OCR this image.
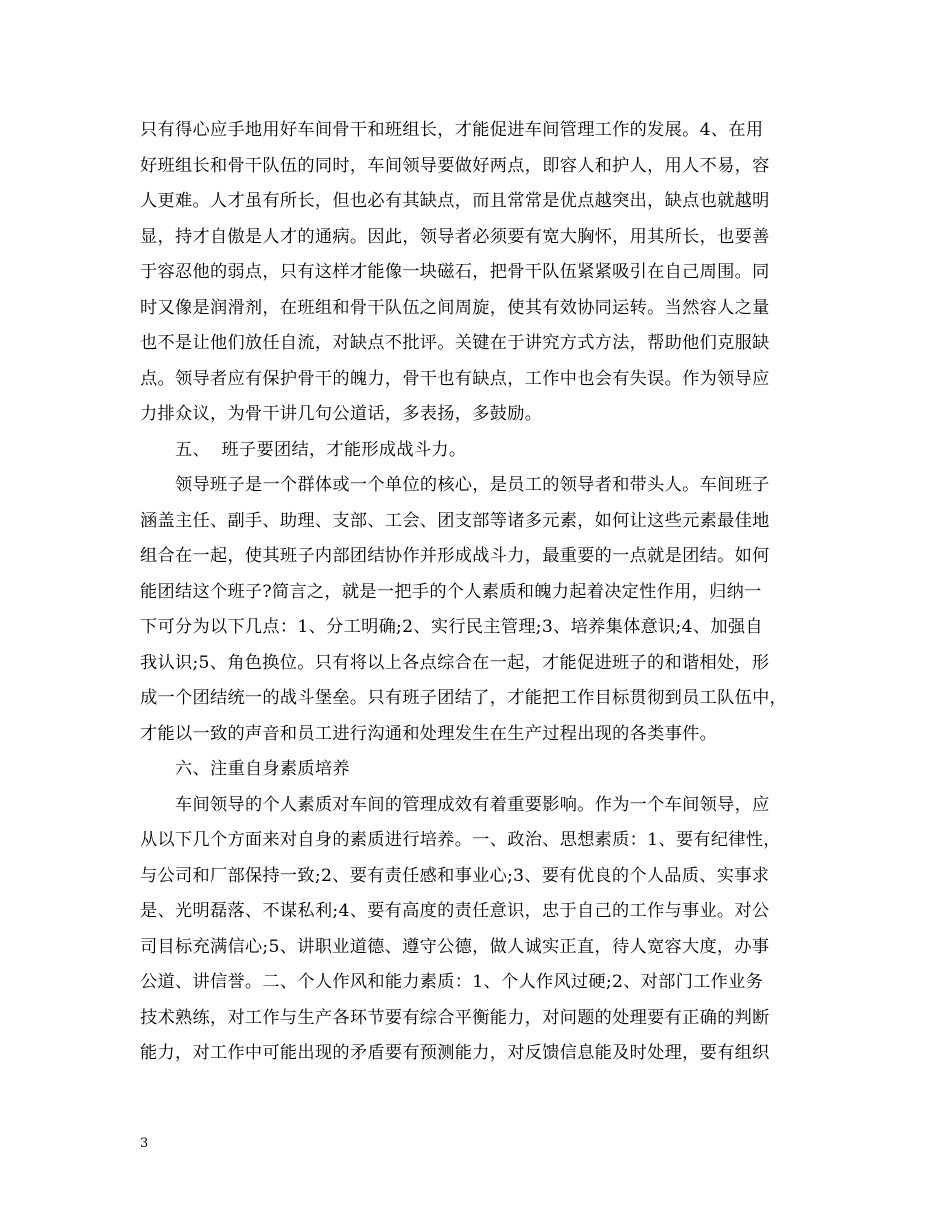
只有得心应手地用好车间骨干和班组长，才能促进车间管理工作的发展。4、在用
好班组长和骨干队伍的同时，车间领导要做好两点，即容人和护人，用人不易，容
人更难。人才虽有所长，但也必有其缺点，而且常常是优点越突出，缺点也就越明
显，持才自傲是人才的通病。因此，领导者必须要有宽大胸怀，用其所长，也要善
于容忍他的弱点，只有这样才能像一块磁石，把骨干队伍紧紧吸引在自己周围。同
时又像是润滑剂，在班组和骨干队伍之间周旋，使其有效协同运转。当然容人之量
也不是让他们放任自流，对缺点不批评。关键在于讲究方式方法，帮助他们克服缺
点。领导者应有保护骨干的魄力，骨干也有缺点，工作中也会有失误。作为领导应
力排众议，为骨干讲几句公道话，多表扬，多鼓励。

五、  班子要团结，才能形成战斗力。

领导班子是一个群体或一个单位的核心，是员工的领导者和带头人。车间班子
涵盖主任、副手、助理、支部、工会、团支部等诸多元素，如何让这些元素最佳地
组合在一起，使其班子内部团结协作并形成战斗力，最重要的一点就是团结。如何
能团结这个班子?简言之，就是一把手的个人素质和魄力起着决定性作用，归纳一
下可分为以下几点：1、分工明确;2、实行民主管理;3、培养集体意识;4、加强自
我认识;5、角色换位。只有将以上各点综合在一起，才能促进班子的和谐相处，形
成一个团结统一的战斗堡垒。只有班子团结了，才能把工作目标贯彻到员工队伍中，
才能以一致的声音和员工进行沟通和处理发生在生产过程出现的各类事件。

六、注重自身素质培养

车间领导的个人素质对车间的管理成效有着重要影响。作为一个车间领导，应
从以下几个方面来对自身的素质进行培养。一、政治、思想素质：1、要有纪律性，
与公司和厂部保持一致;2、要有责任感和事业心;3、要有优良的个人品质、实事求
是、光明磊落、不谋私利;4、要有高度的责任意识，忠于自己的工作与事业。对公
司目标充满信心;5、讲职业道德、遵守公德，做人诚实正直，待人宽容大度，办事
公道、讲信誉。二、个人作风和能力素质：1、个人作风过硬;2、对部门工作业务
技术熟练，对工作与生产各环节要有综合平衡能力，对问题的处理要有正确的判断
能力，对工作中可能出现的矛盾要有预测能力，对反馈信息能及时处理，要有组织

3
